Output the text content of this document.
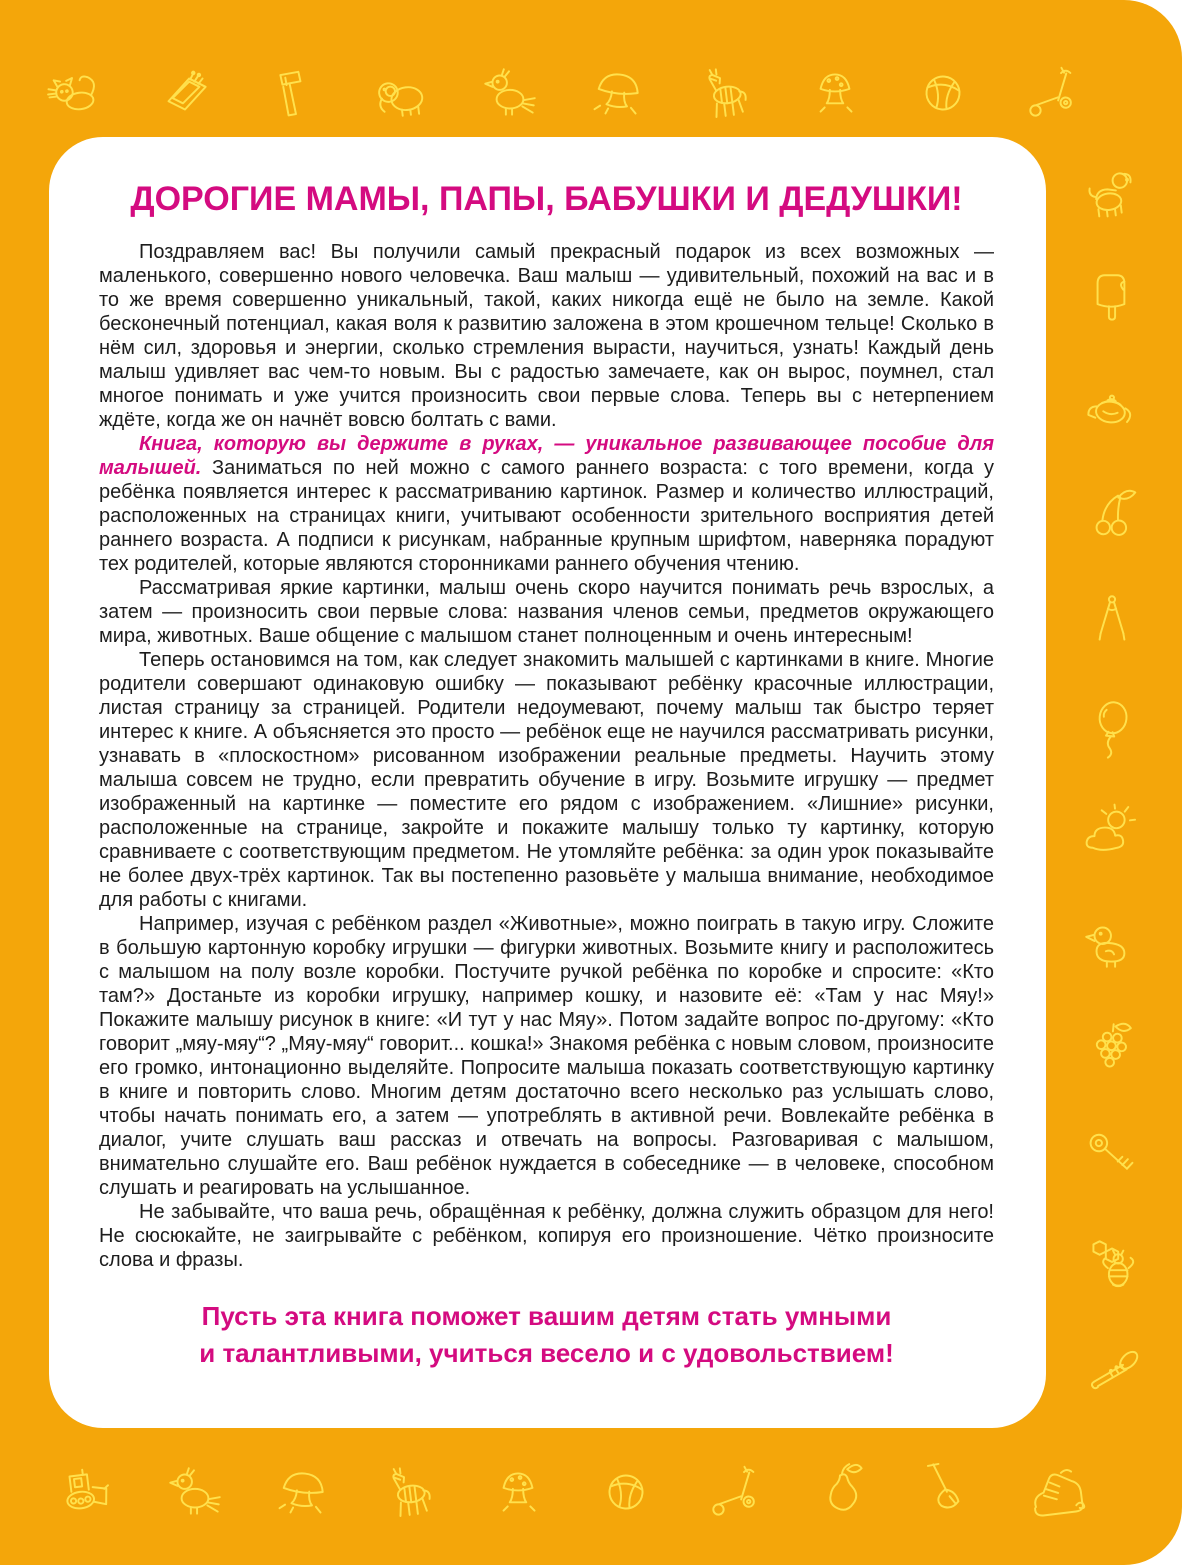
ДОРОГИЕ МАМЫ, ПАПЫ, БАБУШКИ И ДЕДУШКИ!

Поздравляем вас! Вы получили самый прекрасный подарок из всех возможных — маленького, совершенно нового человечка. Ваш малыш — удивительный, похожий на вас и в то же время совершенно уникальный, такой, каких никогда ещё не было на земле. Какой бесконечный потенциал, какая воля к развитию заложена в этом крошечном тельце! Сколько в нём сил, здоровья и энергии, сколько стремления вырасти, научиться, узнать! Каждый день малыш удивляет вас чем-то новым. Вы с радостью замечаете, как он вырос, поумнел, стал многое понимать и уже учится произносить свои первые слова. Теперь вы с нетерпением ждёте, когда же он начнёт вовсю болтать с вами.

Книга, которую вы держите в руках, — уникальное развивающее пособие для малышей. Заниматься по ней можно с самого раннего возраста: с того времени, когда у ребёнка появляется интерес к рассматриванию картинок. Размер и количество иллюстраций, расположенных на страницах книги, учитывают особенности зрительного восприятия детей раннего возраста. А подписи к рисункам, набранные крупным шрифтом, наверняка порадуют тех родителей, которые являются сторонниками раннего обучения чтению.

Рассматривая яркие картинки, малыш очень скоро научится понимать речь взрослых, а затем — произносить свои первые слова: названия членов семьи, предметов окружающего мира, животных. Ваше общение с малышом станет полноценным и очень интересным!

Теперь остановимся на том, как следует знакомить малышей с картинками в книге. Многие родители совершают одинаковую ошибку — показывают ребёнку красочные иллюстрации, листая страницу за страницей. Родители недоумевают, почему малыш так быстро теряет интерес к книге. А объясняется это просто — ребёнок еще не научился рассматривать рисунки, узнавать в «плоскостном» рисованном изображении реальные предметы. Научить этому малыша совсем не трудно, если превратить обучение в игру. Возьмите игрушку — предмет изображенный на картинке — поместите его рядом с изображением. «Лишние» рисунки, расположенные на странице, закройте и покажите малышу только ту картинку, которую сравниваете с соответствующим предметом. Не утомляйте ребёнка: за один урок показывайте не более двух-трёх картинок. Так вы постепенно разовьёте у малыша внимание, необходимое для работы с книгами.

Например, изучая с ребёнком раздел «Животные», можно поиграть в такую игру. Сложите в большую картонную коробку игрушки — фигурки животных. Возьмите книгу и расположитесь с малышом на полу возле коробки. Постучите ручкой ребёнка по коробке и спросите: «Кто там?» Достаньте из коробки игрушку, например кошку, и назовите её: «Там у нас Мяу!» Покажите малышу рисунок в книге: «И тут у нас Мяу». Потом задайте вопрос по-другому: «Кто говорит „мяу-мяу“? „Мяу-мяу“ говорит... кошка!» Знакомя ребёнка с новым словом, произносите его громко, интонационно выделяйте. Попросите малыша показать соответствующую картинку в книге и повторить слово. Многим детям достаточно всего несколько раз услышать слово, чтобы начать понимать его, а затем — употреблять в активной речи. Вовлекайте ребёнка в диалог, учите слушать ваш рассказ и отвечать на вопросы. Разговаривая с малышом, внимательно слушайте его. Ваш ребёнок нуждается в собеседнике — в человеке, способном слушать и реагировать на услышанное.

Не забывайте, что ваша речь, обращённая к ребёнку, должна служить образцом для него! Не сюсюкайте, не заигрывайте с ребёнком, копируя его произношение. Чётко произносите слова и фразы.

Пусть эта книга поможет вашим детям стать умными
и талантливыми, учиться весело и с удовольствием!
